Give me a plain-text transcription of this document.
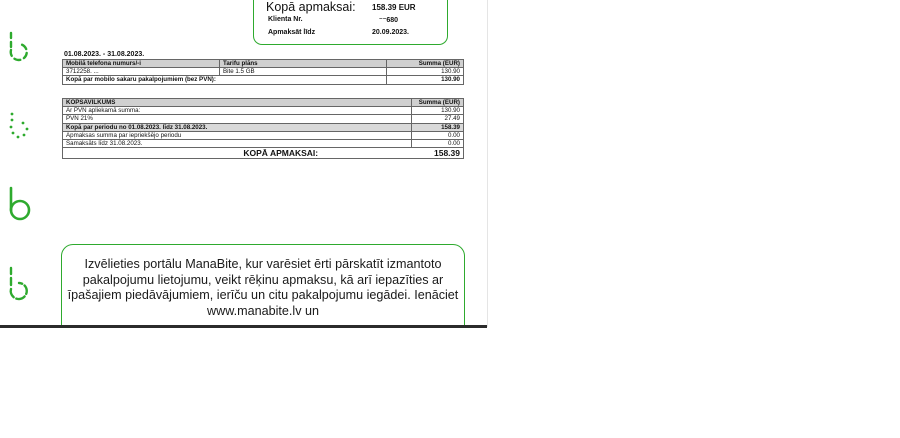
Kopā apmaksai: 158.39 EUR
Klienta Nr.	⁻⁻680
Apmaksāt līdz	20.09.2023.
01.08.2023. - 31.08.2023.
Mobilā telefona numurs/-i	Tarifu plāns	Summa (EUR)
3712258. ...	Bite 1.5 GB	130.90
Kopā par mobilo sakaru pakalpojumiem (bez PVN):		130.90
KOPSAVILKUMS	Summa (EUR)
Ar PVN apliekamā summa:	130.90
PVN 21%	27.49
Kopā par periodu no 01.08.2023. līdz 31.08.2023.	158.39
Apmaksas summa par iepriekšējo periodu	0.00
Samaksāts līdz 31.08.2023.	0.00
KOPĀ APMAKSAI:	158.39

Izvēlieties portālu ManaBite, kur varēsiet ērti pārskatīt izmantoto pakalpojumu lietojumu, veikt rēķinu apmaksu, kā arī iepazīties ar īpašajiem piedāvājumiem, ierīču un citu pakalpojumu iegādei. Ienāciet www.manabite.lv un
